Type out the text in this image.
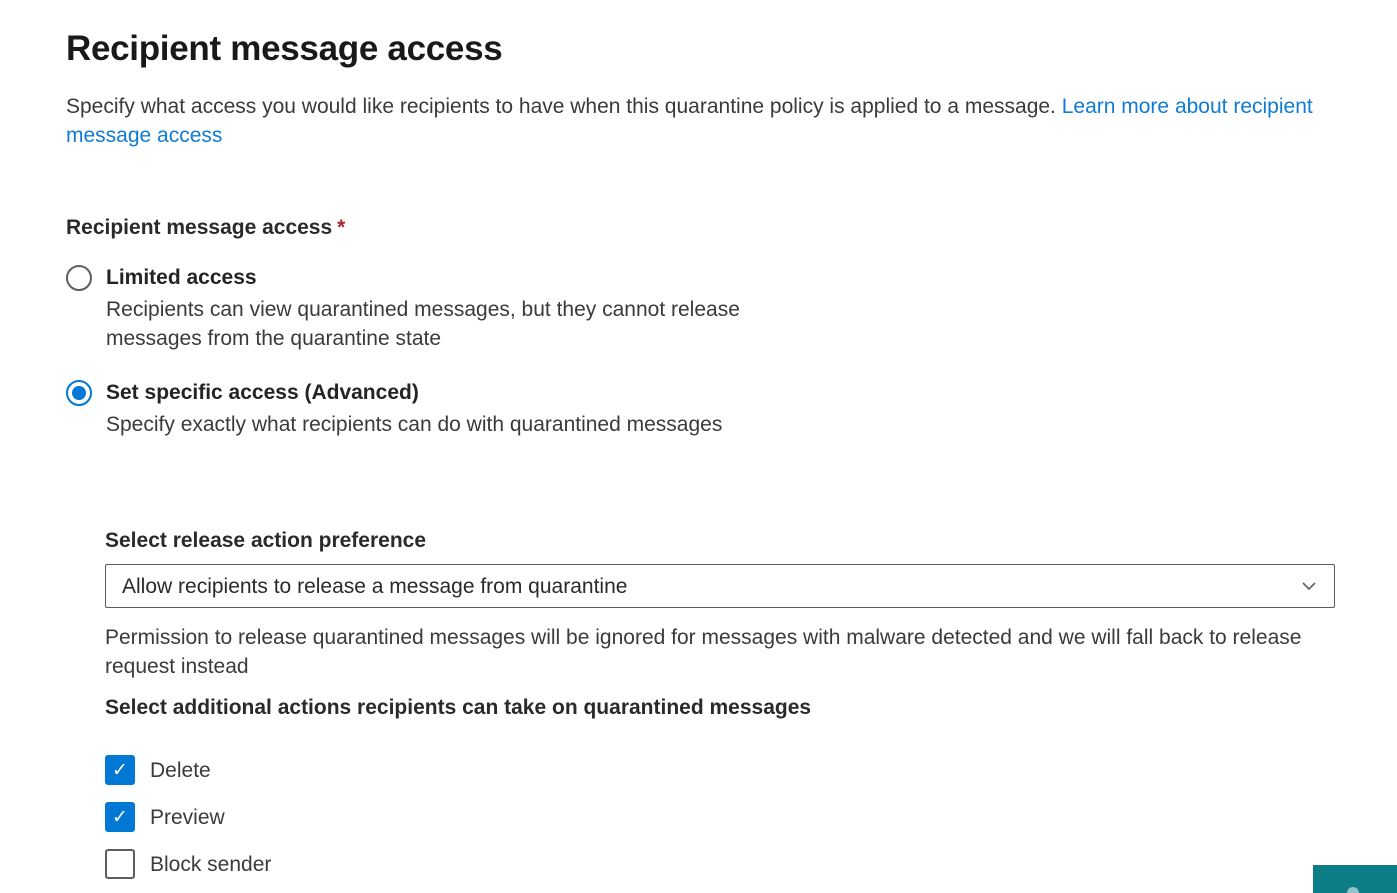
Recipient message access

Specify what access you would like recipients to have when this quarantine policy is applied to a message. Learn more about recipient message access

Recipient message access *
Limited access
Recipients can view quarantined messages, but they cannot release messages from the quarantine state
Set specific access (Advanced)
Specify exactly what recipients can do with quarantined messages
Select release action preference
Allow recipients to release a message from quarantine

Permission to release quarantined messages will be ignored for messages with malware detected and we will fall back to release request instead

Select additional actions recipients can take on quarantined messages
✓ Delete
✓ Preview
Block sender
